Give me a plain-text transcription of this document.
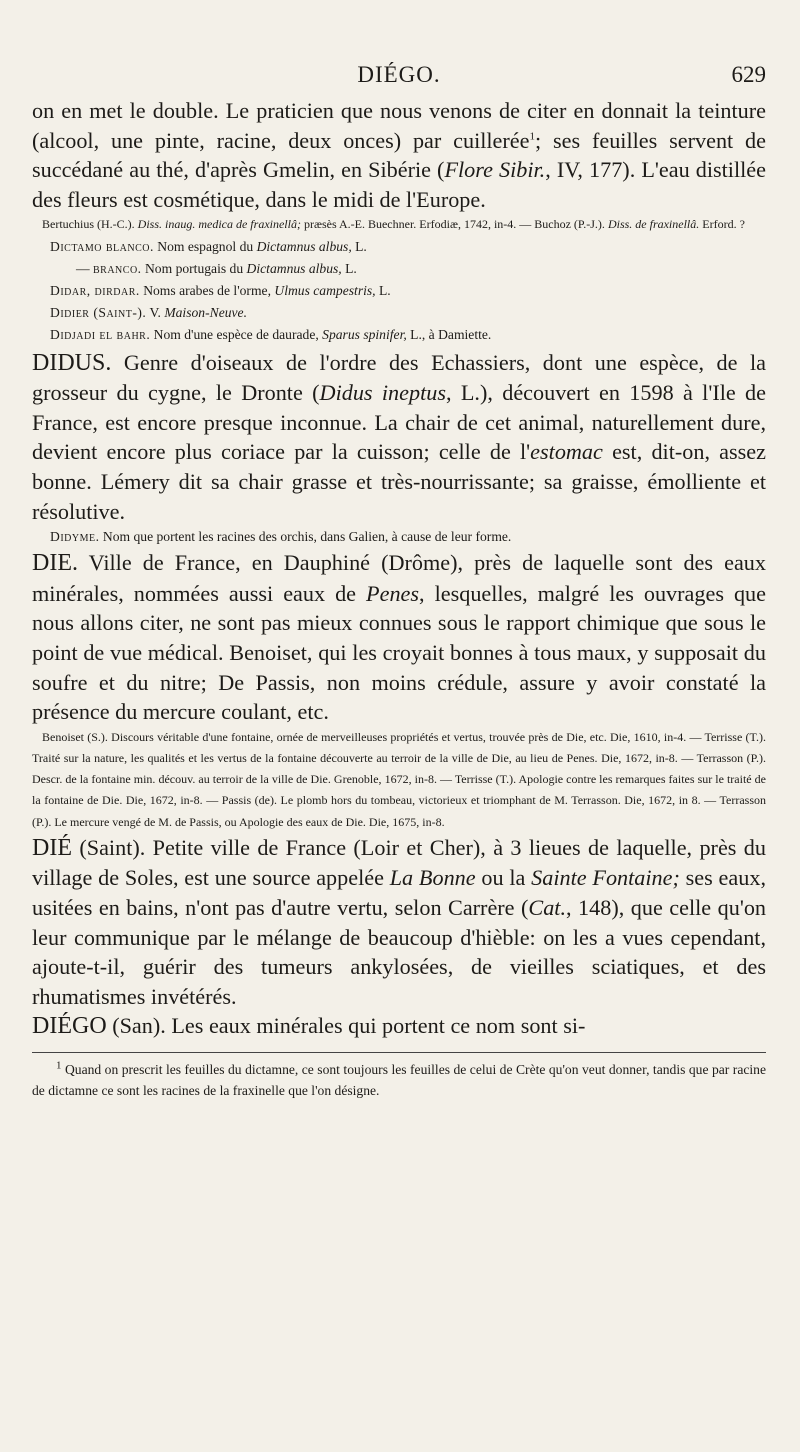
DIÉGO.	629

on en met le double. Le praticien que nous venons de citer en donnait la teinture (alcool, une pinte, racine, deux onces) par cuillerée$^1$; ses feuilles servent de succédané au thé, d'après Gmelin, en Sibérie (Flore Sibir., IV, 177). L'eau distillée des fleurs est cosmétique, dans le midi de l'Europe.

Bertuchius (H.-C.). Diss. inaug. medica de fraxinellâ; præsès A.-E. Buechner. Erfodiæ, 1742, in-4. — Buchoz (P.-J.). Diss. de fraxinellâ. Erford. ?

Dictamo blanco. Nom espagnol du Dictamnus albus, L.

— branco. Nom portugais du Dictamnus albus, L.

Didar, dirdar. Noms arabes de l'orme, Ulmus campestris, L.

Didier (Saint-). V. Maison-Neuve.

Didjadi el bahr. Nom d'une espèce de daurade, Sparus spinifer, L., à Damiette.

DIDUS. Genre d'oiseaux de l'ordre des Echassiers, dont une espèce, de la grosseur du cygne, le Dronte (Didus ineptus, L.), découvert en 1598 à l'Ile de France, est encore presque inconnue. La chair de cet animal, naturellement dure, devient encore plus coriace par la cuisson; celle de l'estomac est, dit-on, assez bonne. Lémery dit sa chair grasse et très-nourrissante; sa graisse, émolliente et résolutive.

Didyme. Nom que portent les racines des orchis, dans Galien, à cause de leur forme.

DIE. Ville de France, en Dauphiné (Drôme), près de laquelle sont des eaux minérales, nommées aussi eaux de Penes, lesquelles, malgré les ouvrages que nous allons citer, ne sont pas mieux connues sous le rapport chimique que sous le point de vue médical. Benoiset, qui les croyait bonnes à tous maux, y supposait du soufre et du nitre; De Passis, non moins crédule, assure y avoir constaté la présence du mercure coulant, etc.

Benoiset (S.). Discours véritable d'une fontaine, ornée de merveilleuses propriétés et vertus, trouvée près de Die, etc. Die, 1610, in-4. — Terrisse (T.). Traité sur la nature, les qualités et les vertus de la fontaine découverte au terroir de la ville de Die, au lieu de Penes. Die, 1672, in-8. — Terrasson (P.). Descr. de la fontaine min. découv. au terroir de la ville de Die. Grenoble, 1672, in-8. — Terrisse (T.). Apologie contre les remarques faites sur le traité de la fontaine de Die. Die, 1672, in-8. — Passis (de). Le plomb hors du tombeau, victorieux et triomphant de M. Terrasson. Die, 1672, in 8. — Terrasson (P.). Le mercure vengé de M. de Passis, ou Apologie des eaux de Die. Die, 1675, in-8.

DIÉ (Saint). Petite ville de France (Loir et Cher), à 3 lieues de laquelle, près du village de Soles, est une source appelée La Bonne ou la Sainte Fontaine; ses eaux, usitées en bains, n'ont pas d'autre vertu, selon Carrère (Cat., 148), que celle qu'on leur communique par le mélange de beaucoup d'hièble: on les a vues cependant, ajoute-t-il, guérir des tumeurs ankylosées, de vieilles sciatiques, et des rhumatismes invétérés.

DIÉGO (San). Les eaux minérales qui portent ce nom sont si-

$^1$ Quand on prescrit les feuilles du dictamne, ce sont toujours les feuilles de celui de Crète qu'on veut donner, tandis que par racine de dictamne ce sont les racines de la fraxinelle que l'on désigne.
